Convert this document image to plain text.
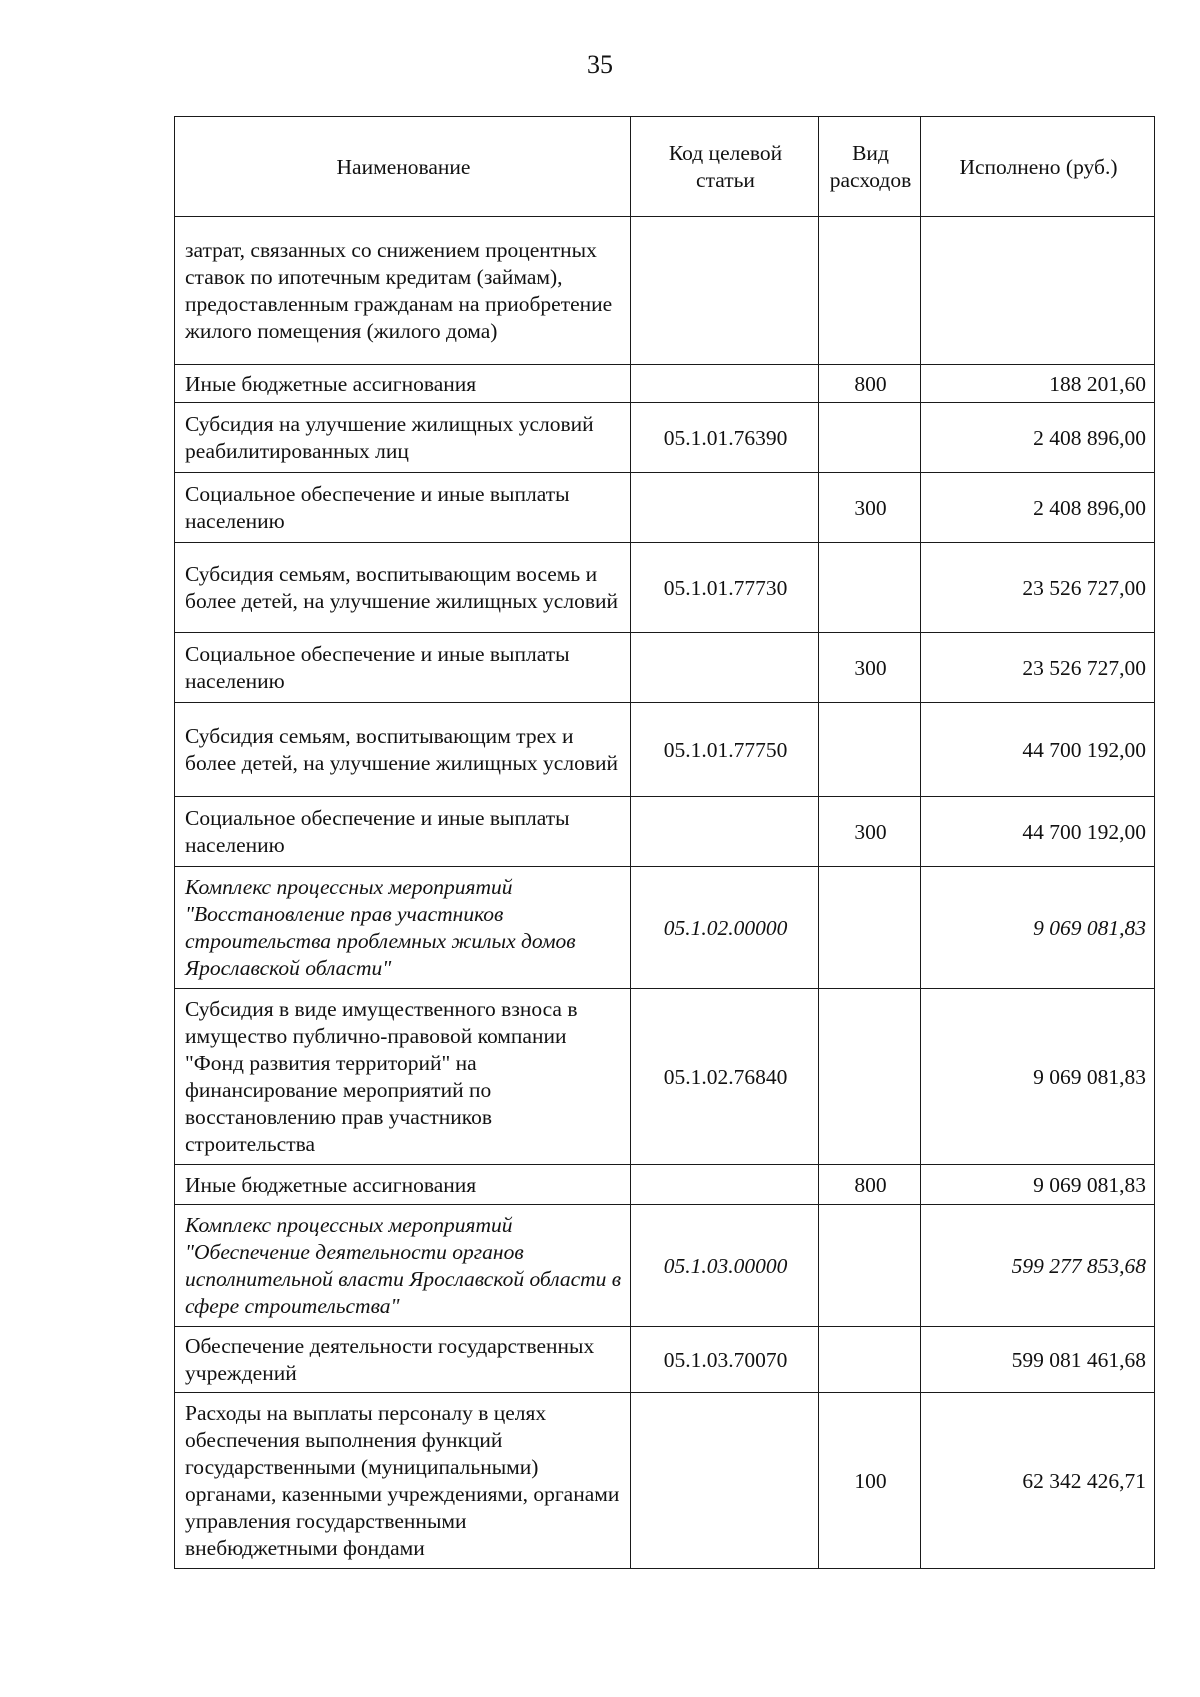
35
Наименование	Код целевой статьи	Вид расходов	Исполнено (руб.)
затрат, связанных со снижением процентных ставок по ипотечным кредитам (займам), предоставленным гражданам на приобретение жилого помещения (жилого дома)			
Иные бюджетные ассигнования		800	188 201,60
Субсидия на улучшение жилищных условий реабилитированных лиц	05.1.01.76390		2 408 896,00
Социальное обеспечение и иные выплаты населению		300	2 408 896,00
Субсидия семьям, воспитывающим восемь и более детей, на улучшение жилищных условий	05.1.01.77730		23 526 727,00
Социальное обеспечение и иные выплаты населению		300	23 526 727,00
Субсидия семьям, воспитывающим трех и более детей, на улучшение жилищных условий	05.1.01.77750		44 700 192,00
Социальное обеспечение и иные выплаты населению		300	44 700 192,00
Комплекс процессных мероприятий "Восстановление прав участников строительства проблемных жилых домов Ярославской области"	05.1.02.00000		9 069 081,83
Субсидия в виде имущественного взноса в имущество публично-правовой компании "Фонд развития территорий" на финансирование мероприятий по восстановлению прав участников строительства	05.1.02.76840		9 069 081,83
Иные бюджетные ассигнования		800	9 069 081,83
Комплекс процессных мероприятий "Обеспечение деятельности органов исполнительной власти Ярославской области в сфере строительства"	05.1.03.00000		599 277 853,68
Обеспечение деятельности государственных учреждений	05.1.03.70070		599 081 461,68
Расходы на выплаты персоналу в целях обеспечения выполнения функций государственными (муниципальными) органами, казенными учреждениями, органами управления государственными внебюджетными фондами		100	62 342 426,71
